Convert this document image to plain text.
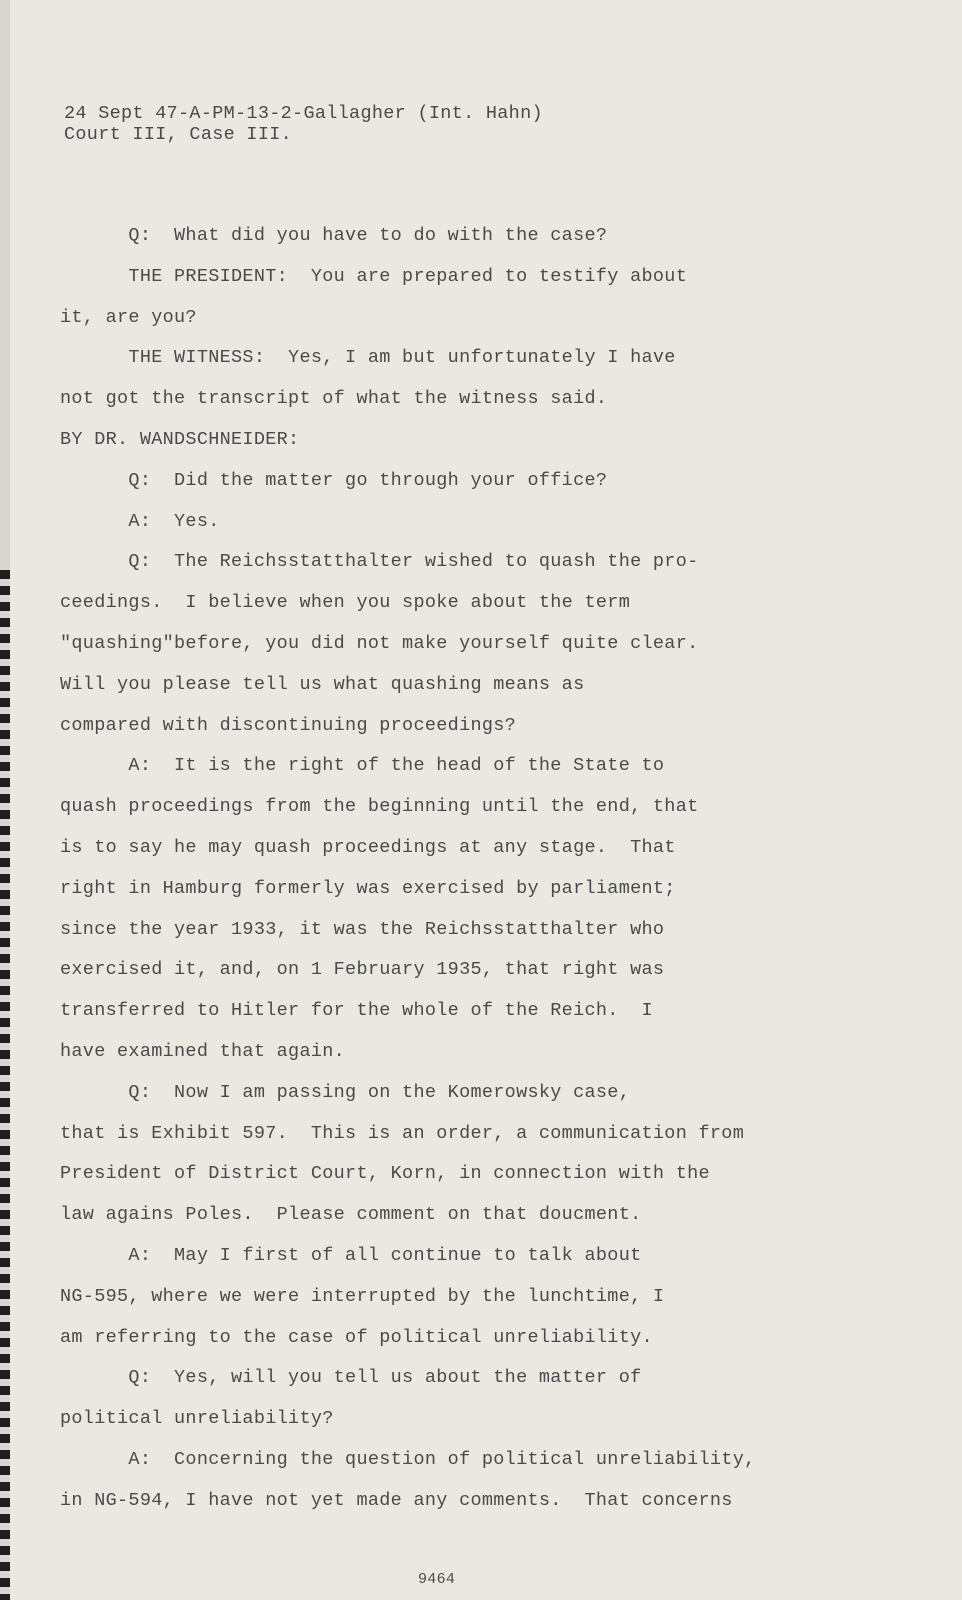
24 Sept 47-A-PM-13-2-Gallagher (Int. Hahn)
Court III, Case III.
Q:  What did you have to do with the case?
THE PRESIDENT:  You are prepared to testify about
it, are you?
THE WITNESS:  Yes, I am but unfortunately I have
not got the transcript of what the witness said.
BY DR. WANDSCHNEIDER:
Q:  Did the matter go through your office?
A:  Yes.
Q:  The Reichsstatthalter wished to quash the pro-
ceedings.  I believe when you spoke about the term
"quashing"before, you did not make yourself quite clear.
Will you please tell us what quashing means as
compared with discontinuing proceedings?
A:  It is the right of the head of the State to
quash proceedings from the beginning until the end, that
is to say he may quash proceedings at any stage.  That
right in Hamburg formerly was exercised by parliament;
since the year 1933, it was the Reichsstatthalter who
exercised it, and, on 1 February 1935, that right was
transferred to Hitler for the whole of the Reich.  I
have examined that again.
Q:  Now I am passing on the Komerowsky case,
that is Exhibit 597.  This is an order, a communication from
President of District Court, Korn, in connection with the
law agains Poles.  Please comment on that doucment.
A:  May I first of all continue to talk about
NG-595, where we were interrupted by the lunchtime, I
am referring to the case of political unreliability.
Q:  Yes, will you tell us about the matter of
political unreliability?
A:  Concerning the question of political unreliability,
in NG-594, I have not yet made any comments.  That concerns
9464
